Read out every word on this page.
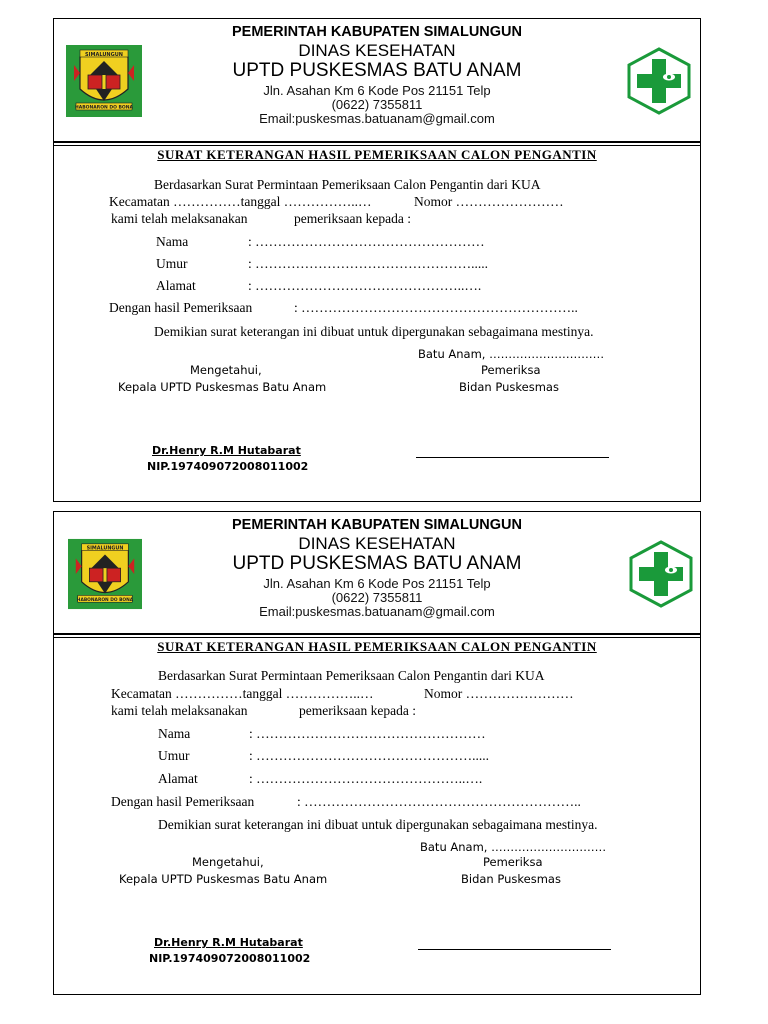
SIMALUNGUN
HABONARON DO BONA
PEMERINTAH KABUPATEN SIMALUNGUN
DINAS KESEHATAN
UPTD PUSKESMAS BATU ANAM
Jln. Asahan Km 6 Kode Pos 21151 Telp
(0622) 7355811
Email:puskesmas.batuanam@gmail.com
SURAT KETERANGAN HASIL PEMERIKSAAN CALON PENGANTIN
Berdasarkan Surat Permintaan Pemeriksaan Calon Pengantin dari KUA
Kecamatan ……………tanggal ……………..…	Nomor ……………………
kami telah melaksanakan	pemeriksaan kepada :
Nama	: ……………………………………………
Umur	: ………………………………………….....
Alamat	: ………………………………………..….
Dengan hasil Pemeriksaan	: ……………………………………………………..
Demikian surat keterangan ini dibuat untuk dipergunakan sebagaimana mestinya.
Batu Anam, …………………………
Mengetahui,	Pemeriksa
Kepala UPTD Puskesmas Batu Anam	Bidan Puskesmas
Dr.Henry R.M Hutabarat
NIP.197409072008011002
SIMALUNGUN
HABONARON DO BONA
PEMERINTAH KABUPATEN SIMALUNGUN
DINAS KESEHATAN
UPTD PUSKESMAS BATU ANAM
Jln. Asahan Km 6 Kode Pos 21151 Telp
(0622) 7355811
Email:puskesmas.batuanam@gmail.com
SURAT KETERANGAN HASIL PEMERIKSAAN CALON PENGANTIN
Berdasarkan Surat Permintaan Pemeriksaan Calon Pengantin dari KUA
Kecamatan ……………tanggal ……………..…	Nomor ……………………
kami telah melaksanakan	pemeriksaan kepada :
Nama	: ……………………………………………
Umur	: ………………………………………….....
Alamat	: ………………………………………..….
Dengan hasil Pemeriksaan	: ……………………………………………………..
Demikian surat keterangan ini dibuat untuk dipergunakan sebagaimana mestinya.
Batu Anam, …………………………
Mengetahui,	Pemeriksa
Kepala UPTD Puskesmas Batu Anam	Bidan Puskesmas
Dr.Henry R.M Hutabarat
NIP.197409072008011002
